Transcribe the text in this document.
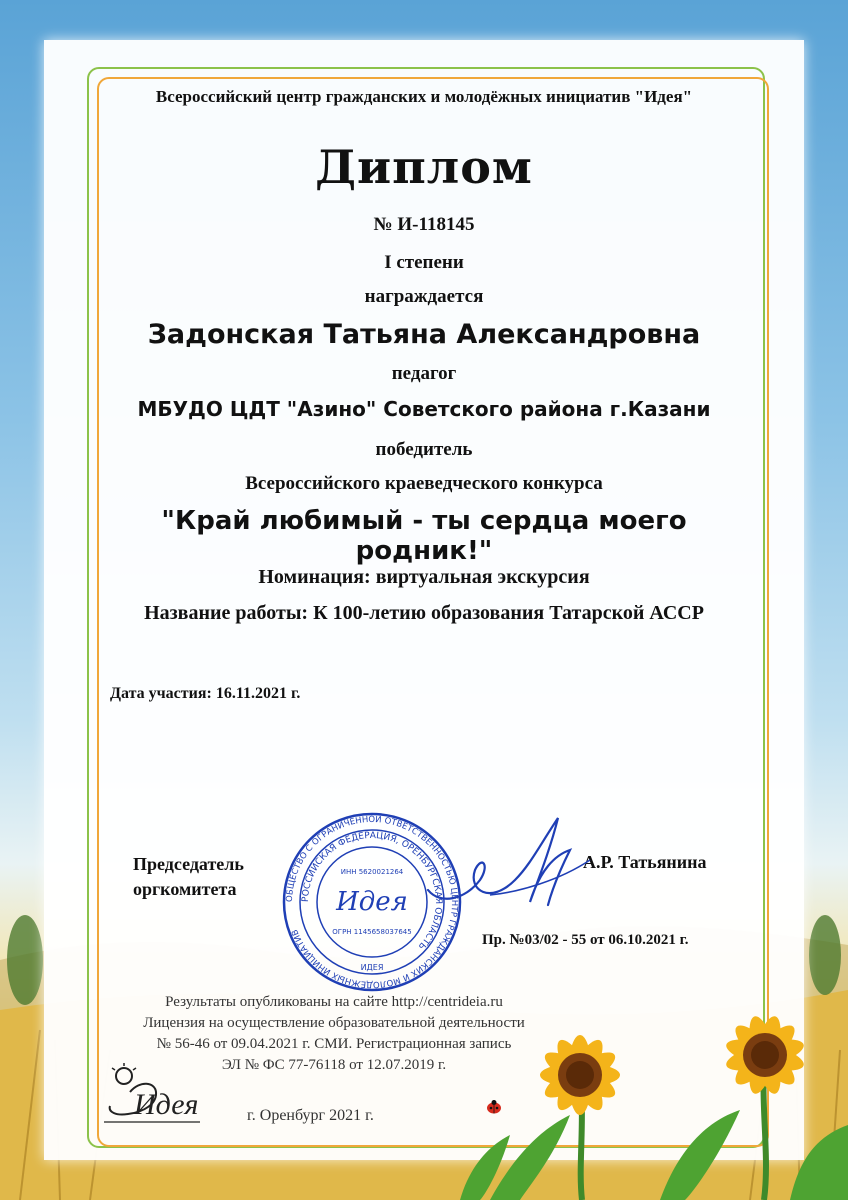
Всероссийский центр гражданских и молодёжных инициатив "Идея"
Диплом
№ И-118145
I степени
награждается
Задонская Татьяна Александровна
педагог
МБУДО ЦДТ "Азино" Советского района г.Казани
победитель
Всероссийского краеведческого конкурса
"Край любимый - ты сердца моего родник!"
Номинация: виртуальная экскурсия
Название работы: К 100-летию образования Татарской АССР
Дата участия: 16.11.2021 г.
Председатель
оргкомитета
А.Р. Татьянина
ОБЩЕСТВО С ОГРАНИЧЕННОЙ ОТВЕТСТВЕННОСТЬЮ ЦЕНТР ГРАЖДАНСКИХ И МОЛОДЁЖНЫХ ИНИЦИАТИВ
РОССИЙСКАЯ ФЕДЕРАЦИЯ, ОРЕНБУРГСКАЯ ОБЛАСТЬ
ИНН 5620021264
Идея
ОГРН 1145658037645
ИДЕЯ
Пр. №03/02 - 55 от 06.10.2021 г.
Результаты опубликованы на сайте http://centrideia.ru
Лицензия на осуществление образовательной деятельности
№ 56-46 от 09.04.2021 г. СМИ. Регистрационная запись
ЭЛ № ФС 77-76118 от 12.07.2019 г.
Идея	г. Оренбург 2021 г.
